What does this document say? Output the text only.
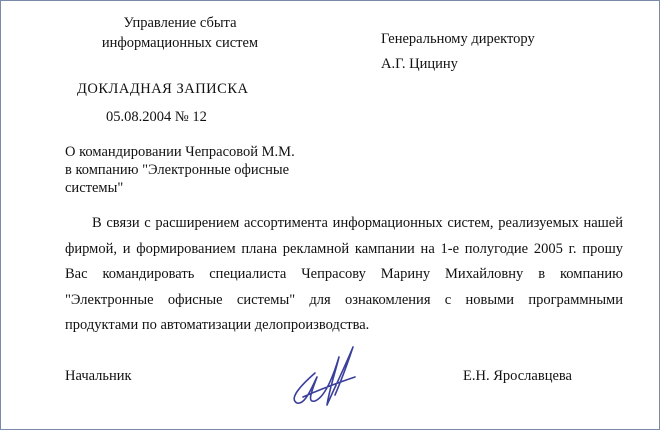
Управление сбыта
информационных систем	Генеральному директору
А.Г. Цицину
ДОКЛАДНАЯ ЗАПИСКА
05.08.2004 № 12
О командировании Чепрасовой М.М.
в компанию "Электронные офисные
системы"
В связи с расширением ассортимента информационных систем, реализуемых нашей фирмой, и формированием плана рекламной кампании на 1-е полугодие 2005 г. прошу Вас командировать специалиста Чепрасову Марину Михайловну в компанию "Электронные офисные системы" для ознакомления с новыми программными продуктами по автоматизации делопроизводства.
Начальник	Е.Н. Ярославцева
